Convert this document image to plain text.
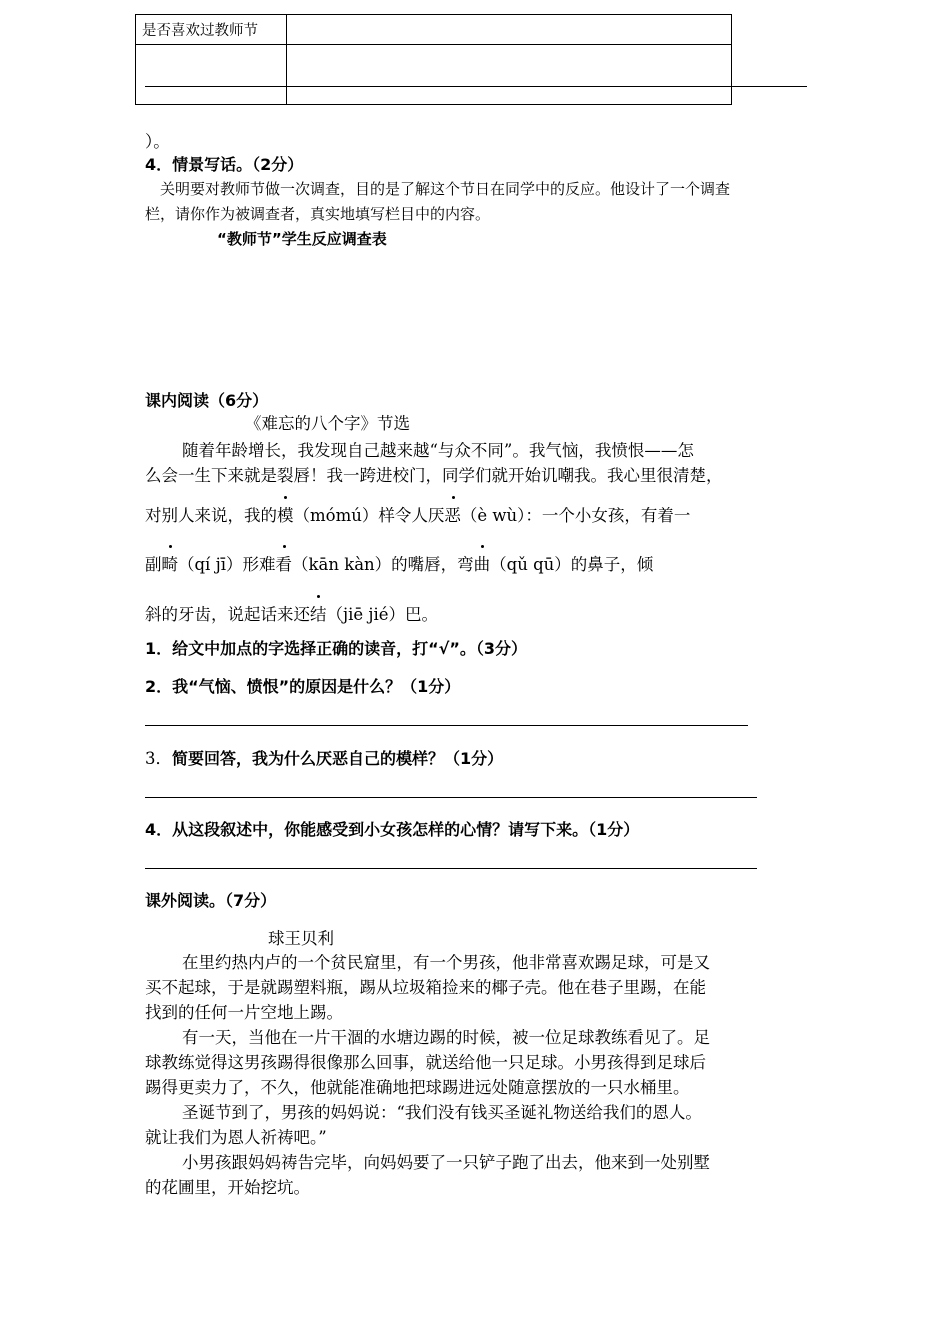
是否喜欢过教师节	

）。
4．情景写话。（2分）
关明要对教师节做一次调查，目的是了解这个节日在同学中的反应。他设计了一个调查
栏，请你作为被调查者，真实地填写栏目中的内容。
“教师节”学生反应调查表
课内阅读（6分）
《难忘的八个字》节选
随着年龄增长，我发现自己越来越“与众不同”。我气恼，我愤恨——怎
么会一生下来就是裂唇！我一跨进校门，同学们就开始讥嘲我。我心里很清楚，
对别人来说，我的模（mómú）样令人厌恶（è wù）：一个小女孩，有着一
副畸（qí jī）形难看（kān kàn）的嘴唇，弯曲（qǔ qū）的鼻子，倾
斜的牙齿，说起话来还结（jiē jié）巴。
1．给文中加点的字选择正确的读音，打“√”。（3分）
2．我“气恼、愤恨”的原因是什么？（1分）
3．简要回答，我为什么厌恶自己的模样？（1分）
4．从这段叙述中，你能感受到小女孩怎样的心情？请写下来。（1分）
课外阅读。（7分）
球王贝利
在里约热内卢的一个贫民窟里，有一个男孩，他非常喜欢踢足球，可是又
买不起球，于是就踢塑料瓶，踢从垃圾箱捡来的椰子壳。他在巷子里踢，在能
找到的任何一片空地上踢。
有一天，当他在一片干涸的水塘边踢的时候，被一位足球教练看见了。足
球教练觉得这男孩踢得很像那么回事，就送给他一只足球。小男孩得到足球后
踢得更卖力了，不久，他就能准确地把球踢进远处随意摆放的一只水桶里。
圣诞节到了，男孩的妈妈说：“我们没有钱买圣诞礼物送给我们的恩人。
就让我们为恩人祈祷吧。”
小男孩跟妈妈祷告完毕，向妈妈要了一只铲子跑了出去，他来到一处别墅
的花圃里，开始挖坑。
